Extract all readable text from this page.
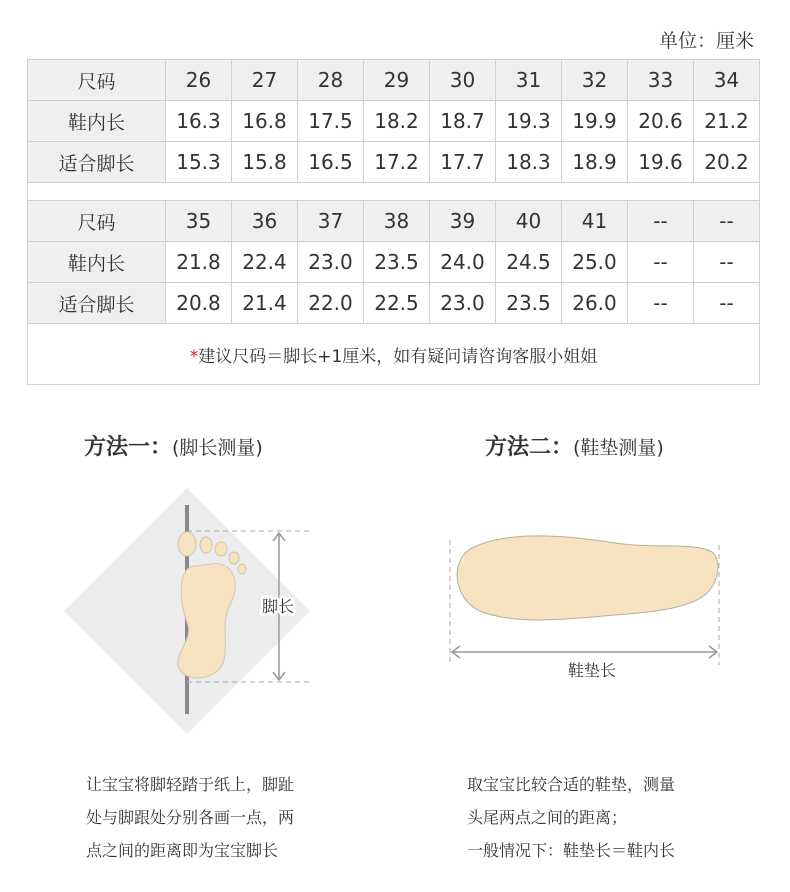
单位：厘米
尺码	26	27	28	29	30	31	32	33	34
鞋内长	16.3	16.8	17.5	18.2	18.7	19.3	19.9	20.6	21.2
适合脚长	15.3	15.8	16.5	17.2	17.7	18.3	18.9	19.6	20.2

尺码	35	36	37	38	39	40	41	--	--
鞋内长	21.8	22.4	23.0	23.5	24.0	24.5	25.0	--	--
适合脚长	20.8	21.4	22.0	22.5	23.0	23.5	26.0	--	--
*建议尺码＝脚长+1厘米，如有疑问请咨询客服小姐姐									
方法一：(脚长测量)	方法二：(鞋垫测量)
脚长
鞋垫长
让宝宝将脚轻踏于纸上，脚趾
处与脚跟处分别各画一点，两
点之间的距离即为宝宝脚长
取宝宝比较合适的鞋垫，测量
头尾两点之间的距离；
一般情况下：鞋垫长＝鞋内长
